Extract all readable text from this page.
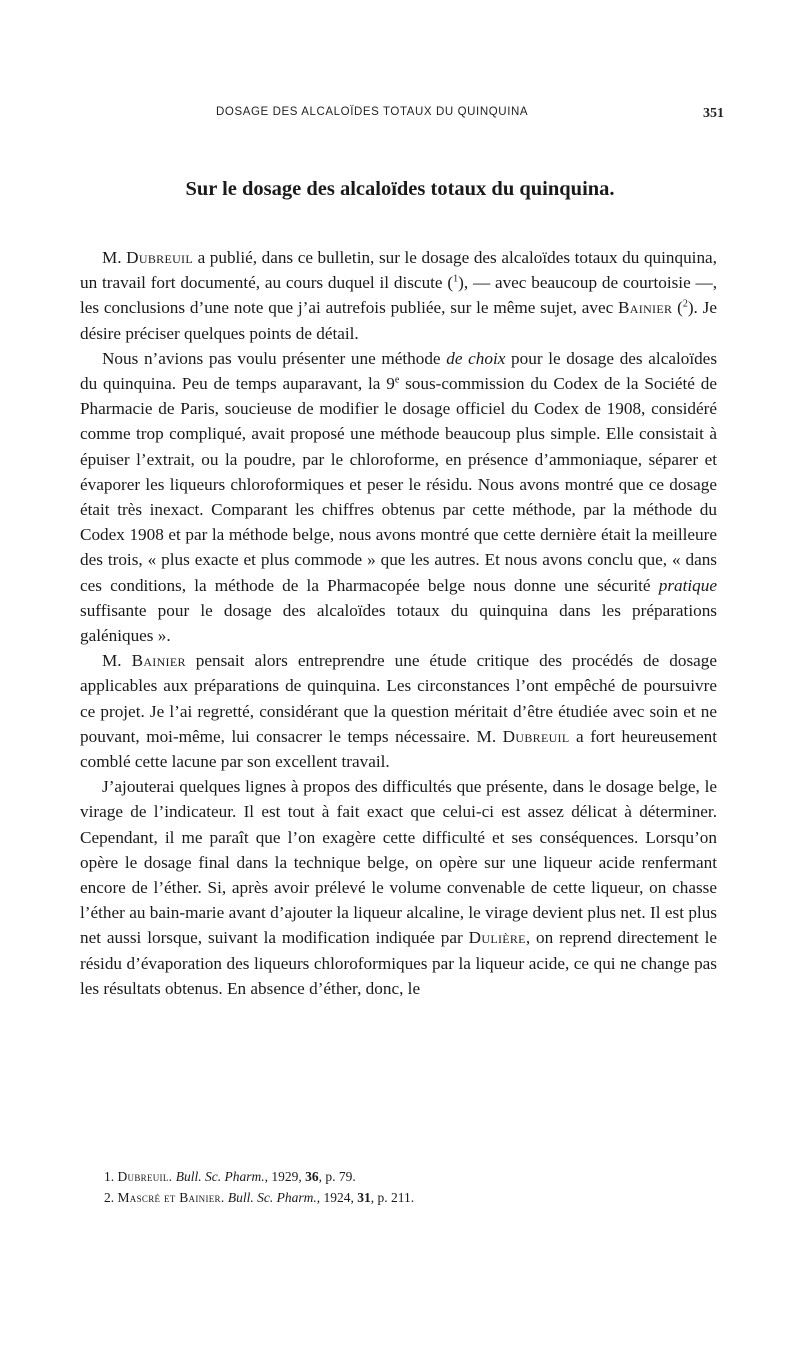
DOSAGE DES ALCALOÏDES TOTAUX DU QUINQUINA	351
Sur le dosage des alcaloïdes totaux du quinquina.

M. Dubreuil a publié, dans ce bulletin, sur le dosage des alcaloïdes totaux du quinquina, un travail fort documenté, au cours duquel il discute ($^1$), — avec beaucoup de courtoisie —, les conclusions d’une note que j’ai autrefois publiée, sur le même sujet, avec Bainier ($^2$). Je désire préciser quelques points de détail.

Nous n’avions pas voulu présenter une méthode de choix pour le dosage des alcaloïdes du quinquina. Peu de temps auparavant, la 9e sous-commission du Codex de la Société de Pharmacie de Paris, soucieuse de modifier le dosage officiel du Codex de 1908, considéré comme trop compliqué, avait proposé une méthode beaucoup plus simple. Elle consistait à épuiser l’extrait, ou la poudre, par le chloroforme, en présence d’ammoniaque, séparer et évaporer les liqueurs chloroformiques et peser le résidu. Nous avons montré que ce dosage était très inexact. Comparant les chiffres obtenus par cette méthode, par la méthode du Codex 1908 et par la méthode belge, nous avons montré que cette dernière était la meilleure des trois, « plus exacte et plus commode » que les autres. Et nous avons conclu que, « dans ces conditions, la méthode de la Pharmacopée belge nous donne une sécurité pratique suffisante pour le dosage des alcaloïdes totaux du quinquina dans les préparations galéniques ».

M. Bainier pensait alors entreprendre une étude critique des procédés de dosage applicables aux préparations de quinquina. Les circonstances l’ont empêché de poursuivre ce projet. Je l’ai regretté, considérant que la question méritait d’être étudiée avec soin et ne pouvant, moi-même, lui consacrer le temps nécessaire. M. Dubreuil a fort heureusement comblé cette lacune par son excellent travail.

J’ajouterai quelques lignes à propos des difficultés que présente, dans le dosage belge, le virage de l’indicateur. Il est tout à fait exact que celui-ci est assez délicat à déterminer. Cependant, il me paraît que l’on exagère cette difficulté et ses conséquences. Lorsqu’on opère le dosage final dans la technique belge, on opère sur une liqueur acide renfermant encore de l’éther. Si, après avoir prélevé le volume convenable de cette liqueur, on chasse l’éther au bain-marie avant d’ajouter la liqueur alcaline, le virage devient plus net. Il est plus net aussi lorsque, suivant la modification indiquée par Dulière, on reprend directement le résidu d’évaporation des liqueurs chloroformiques par la liqueur acide, ce qui ne change pas les résultats obtenus. En absence d’éther, donc, le

1. Dubreuil. Bull. Sc. Pharm., 1929, 36, p. 79.
2. Mascré et Bainier. Bull. Sc. Pharm., 1924, 31, p. 211.
